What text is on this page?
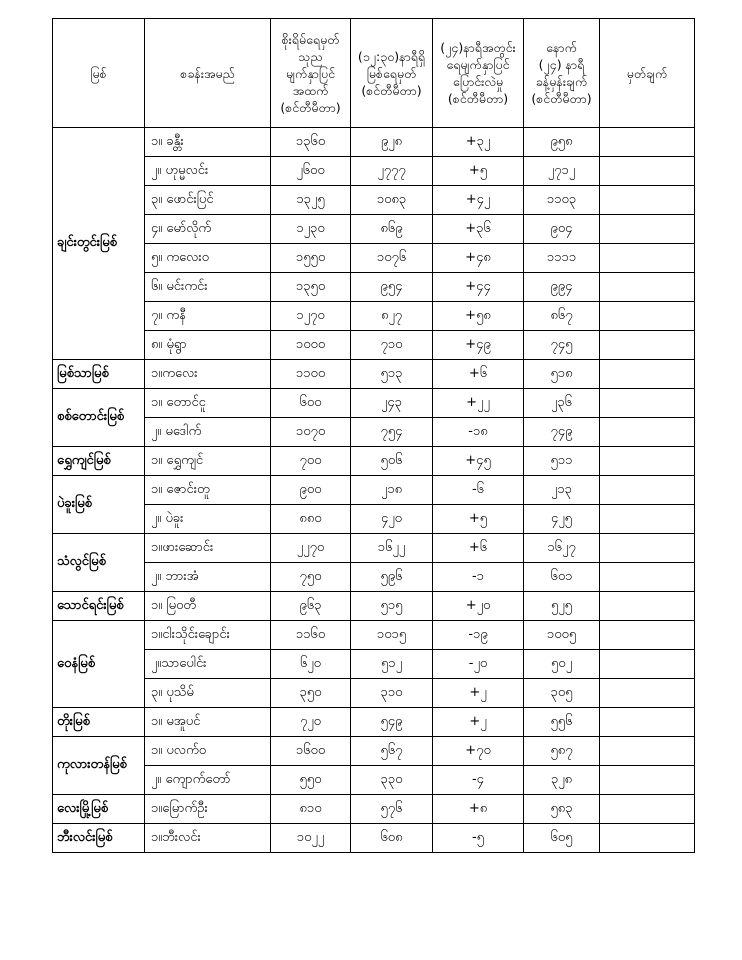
မြစ်	စခန်းအမည်	စိုးရိမ်ရေမှတ်
သုညမျက်နှာပြင်
အထက်
(စင်တီမီတာ)	(၁၂:၃၀)နာရီရှိ
မြစ်ရေမှတ်
(စင်တီမီတာ)	(၂၄)နာရီအတွင်း
ရေမျက်နှာပြင်
ပြောင်းလဲမှု
(စင်တီမီတာ)	နောက်
(၂၄) နာရီ
ခန့်မှန်းချက်
(စင်တီမီတာ)	မှတ်ချက်
ချင်းတွင်းမြစ်	၁။ ခန္တီး	၁၃၆၀	၉၂၈	+၃၂	၉၅၈	
	၂။ ဟုမ္မလင်း	၂၆၀၀	၂၇၇၇	+၅	၂၇၁၂	
	၃။ ဖောင်းပြင်	၁၃၂၅	၁၀၈၃	+၄၂	၁၁၀၃	
	၄။ မော်လိုက်	၁၂၃၀	၈၆၉	+၃၆	၉၀၄	
	၅။ ကလေးဝ	၁၅၅၀	၁၀၇၆	+၄၈	၁၁၁၁	
	၆။ မင်းကင်း	၁၃၅၀	၉၅၄	+၄၄	၉၉၄	
	၇။ ကနီ	၁၂၇၀	၈၂၇	+၅၈	၈၆၇	
	၈။ မုံရွာ	၁၀၀၀	၇၁၀	+၄၉	၇၄၅	
မြစ်သာမြစ်	၁။ကလေး	၁၁၀၀	၅၁၃	+၆	၅၁၈	
စစ်တောင်းမြစ်	၁။ တောင်ငူ	၆၀၀	၂၄၃	+၂၂	၂၃၆	
	၂။ မဒေါက်	၁၀၇၀	၇၅၄	-၁၈	၇၄၉	
ရွှေကျင်မြစ်	၁။ ရွှေကျင်	၇၀၀	၅၀၆	+၄၅	၅၁၁	
ပဲခူးမြစ်	၁။ ဇောင်းတူ	၉၀၀	၂၁၈	-၆	၂၁၃	
	၂။ ပဲခူး	၈၈၀	၄၂၀	+၅	၄၂၅	
သံလွင်မြစ်	၁။ဖားဆောင်း	၂၂၇၀	၁၆၂၂	+၆	၁၆၂၇	
	၂။ ဘားအံ	၇၅၀	၅၉၆	-၁	၆၀၁	
သောင်ရင်းမြစ်	၁။ မြဝတီ	၉၆၃	၅၁၅	+၂၀	၅၂၅	
ဝေနံမြစ်	၁။ငါးသိုင်းချောင်း	၁၁၆၀	၁၀၁၅	-၁၉	၁၀၀၅	
	၂။သာပေါင်း	၆၂၀	၅၁၂	-၂၀	၅၀၂	
	၃။ ပုသိမ်	၃၅၀	၃၁၀	+၂	၃၀၅	
တိုးမြစ်	၁။ မအူပင်	၇၂၀	၅၄၉	+၂	၅၅၆	
ကုလားတန်မြစ်	၁။ ပလက်ဝ	၁၆၀၀	၅၆၇	+၇၀	၅၈၇	
	၂။ ကျောက်တော်	၅၅၀	၃၃၀	-၄	၃၂၈	
လေးမြို့မြစ်	၁။မြောက်ဦး	၈၁၀	၅၇၆	+၈	၅၈၃	
ဘီးလင်းမြစ်	၁။ဘီးလင်း	၁၀၂၂	၆၀၈	-၅	၆၀၅	
